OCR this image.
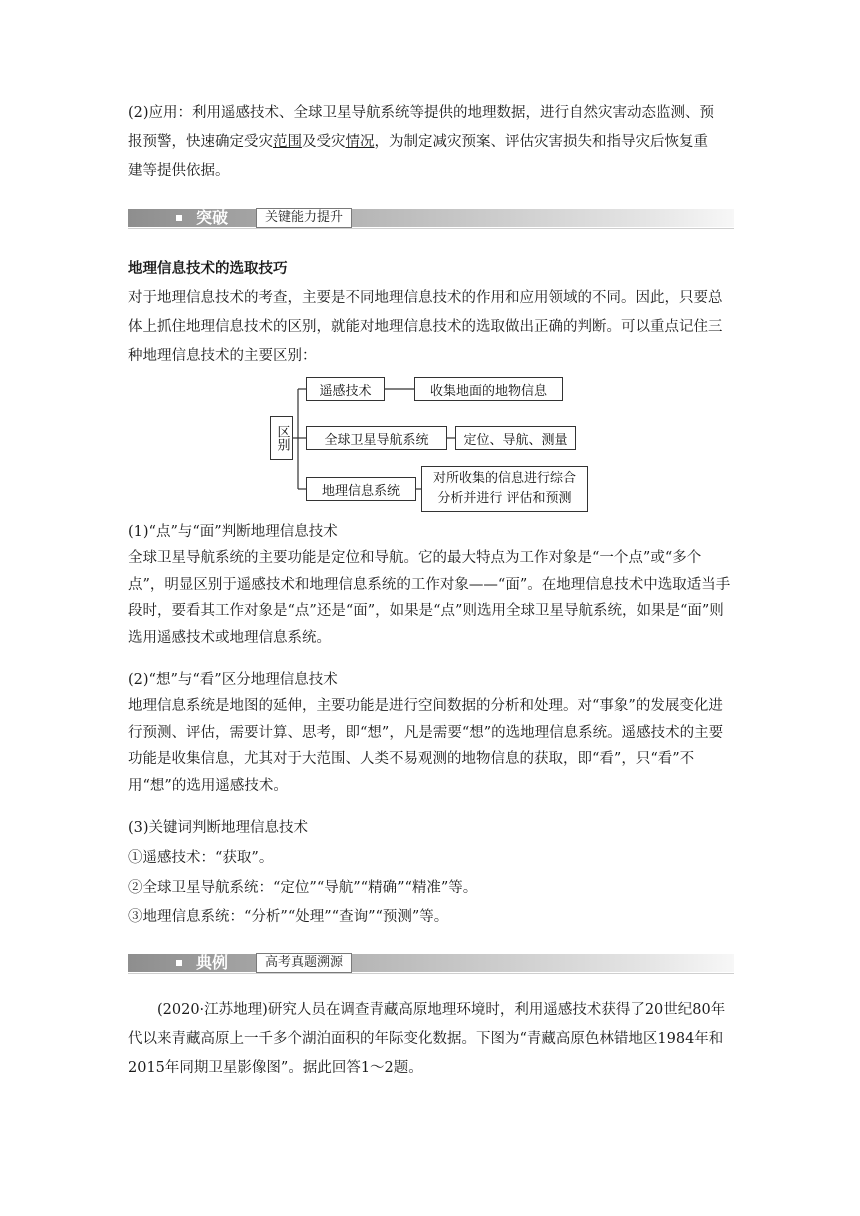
(2)应用：利用遥感技术、全球卫星导航系统等提供的地理数据，进行自然灾害动态监测、预
报预警，快速确定受灾范围及受灾情况，为制定减灾预案、评估灾害损失和指导灾后恢复重
建等提供依据。
突破	关键能力提升
地理信息技术的选取技巧
对于地理信息技术的考查，主要是不同地理信息技术的作用和应用领域的不同。因此，只要总体上抓住地理信息技术的区别，就能对地理信息技术的选取做出正确的判断。可以重点记住三种地理信息技术的主要区别：
区别
遥感技术	收集地面的地物信息
全球卫星导航系统	定位、导航、测量
地理信息系统
对所收集的信息进行综合
分析并进行 评估和预测
(1)“点”与“面”判断地理信息技术
全球卫星导航系统的主要功能是定位和导航。它的最大特点为工作对象是“一个点”或“多个点”，明显区别于遥感技术和地理信息系统的工作对象——“面”。在地理信息技术中选取适当手段时，要看其工作对象是“点”还是“面”，如果是“点”则选用全球卫星导航系统，如果是“面”则选用遥感技术或地理信息系统。
(2)“想”与“看”区分地理信息技术
地理信息系统是地图的延伸，主要功能是进行空间数据的分析和处理。对“事象”的发展变化进行预测、评估，需要计算、思考，即“想”，凡是需要“想”的选地理信息系统。遥感技术的主要功能是收集信息，尤其对于大范围、人类不易观测的地物信息的获取，即“看”，只“看”不用“想”的选用遥感技术。
(3)关键词判断地理信息技术
①遥感技术：“获取”。
②全球卫星导航系统：“定位”“导航”“精确”“精准”等。
③地理信息系统：“分析”“处理”“查询”“预测”等。
典例	高考真题溯源
(2020·江苏地理)研究人员在调查青藏高原地理环境时，利用遥感技术获得了20世纪80年代以来青藏高原上一千多个湖泊面积的年际变化数据。下图为“青藏高原色林错地区1984年和2015年同期卫星影像图”。据此回答1～2题。
